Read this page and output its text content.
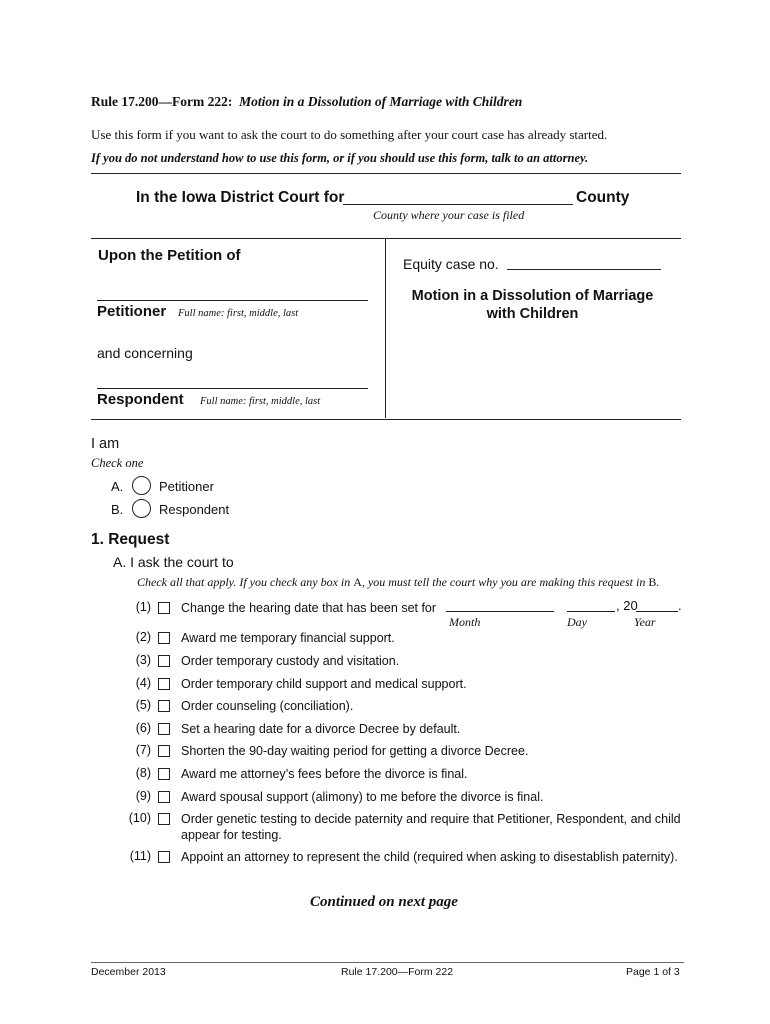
Rule 17.200—Form 222: Motion in a Dissolution of Marriage with Children
Use this form if you want to ask the court to do something after your court case has already started.
If you do not understand how to use this form, or if you should use this form, talk to an attorney.
In the Iowa District Court for	County
County where your case is filed
Upon the Petition of
Petitioner Full name: first, middle, last
and concerning
Respondent Full name: first, middle, last
Equity case no.
Motion in a Dissolution of Marriage with Children
I am
Check one
A.	Petitioner
B.	Respondent
1. Request
A. I ask the court to
Check all that apply. If you check any box in A, you must tell the court why you are making this request in B.
(1) Change the hearing date that has been set for	, 20	.
Month	Day	Year
(2) Award me temporary financial support.
(3) Order temporary custody and visitation.
(4) Order temporary child support and medical support.
(5) Order counseling (conciliation).
(6) Set a hearing date for a divorce Decree by default.
(7) Shorten the 90-day waiting period for getting a divorce Decree.
(8) Award me attorney’s fees before the divorce is final.
(9) Award spousal support (alimony) to me before the divorce is final.
(10) Order genetic testing to decide paternity and require that Petitioner, Respondent, and child appear for testing.
(11) Appoint an attorney to represent the child (required when asking to disestablish paternity).
Continued on next page
December 2013	Rule 17.200—Form 222	Page 1 of 3
